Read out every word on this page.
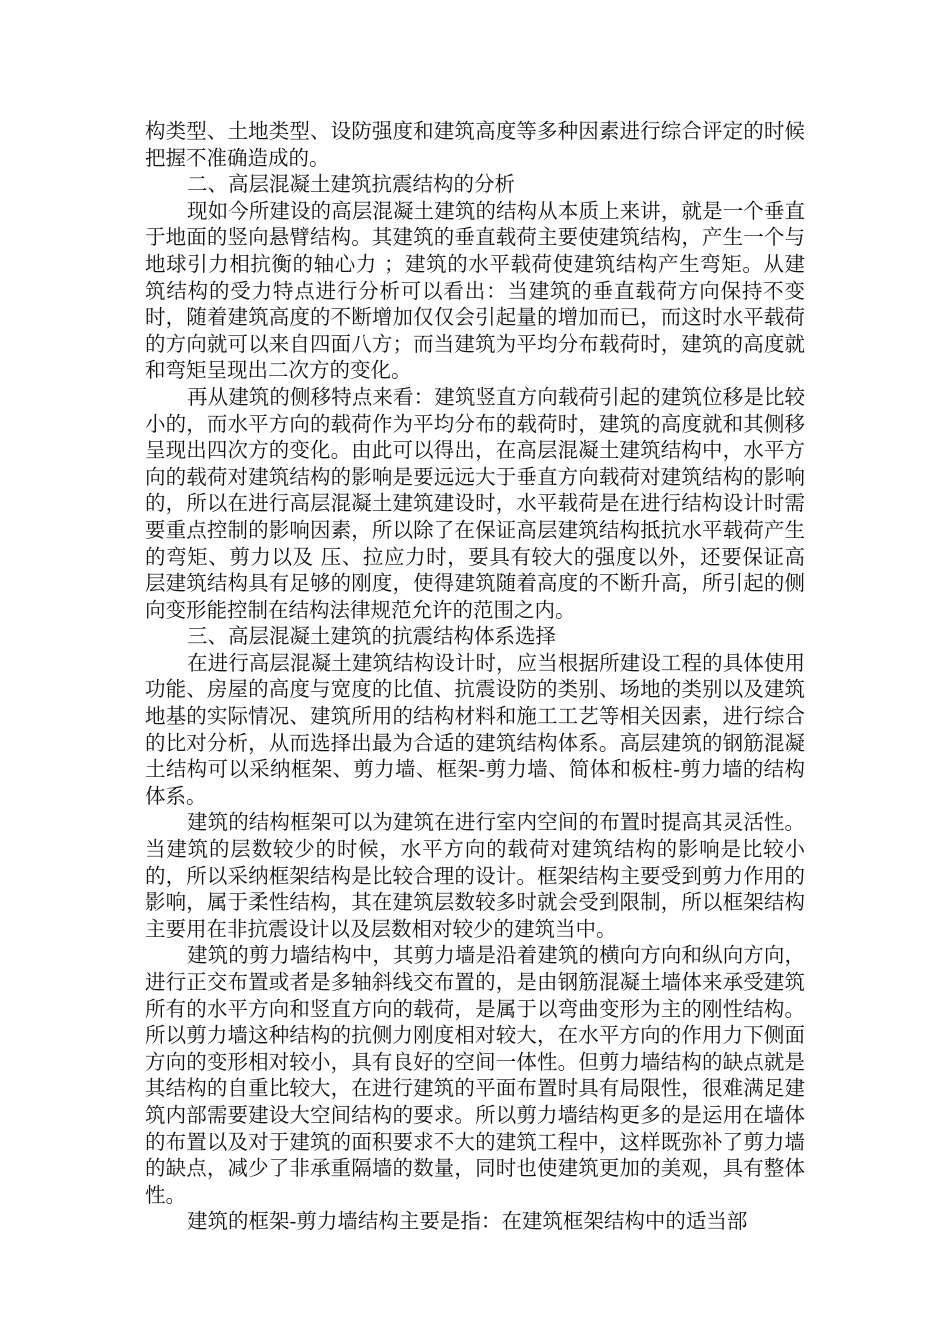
构类型、土地类型、设防强度和建筑高度等多种因素进行综合评定的时候把握不准确造成的。

二、高层混凝土建筑抗震结构的分析

现如今所建设的高层混凝土建筑的结构从本质上来讲，就是一个垂直于地面的竖向悬臂结构。其建筑的垂直载荷主要使建筑结构，产生一个与地球引力相抗衡的轴心力 ；建筑的水平载荷使建筑结构产生弯矩。从建筑结构的受力特点进行分析可以看出：当建筑的垂直载荷方向保持不变时，随着建筑高度的不断增加仅仅会引起量的增加而已，而这时水平载荷的方向就可以来自四面八方；而当建筑为平均分布载荷时，建筑的高度就和弯矩呈现出二次方的变化。

再从建筑的侧移特点来看：建筑竖直方向载荷引起的建筑位移是比较小的，而水平方向的载荷作为平均分布的载荷时，建筑的高度就和其侧移呈现出四次方的变化。由此可以得出，在高层混凝土建筑结构中，水平方向的载荷对建筑结构的影响是要远远大于垂直方向载荷对建筑结构的影响的，所以在进行高层混凝土建筑建设时，水平载荷是在进行结构设计时需要重点控制的影响因素，所以除了在保证高层建筑结构抵抗水平载荷产生的弯矩、剪力以及 压、拉应力时，要具有较大的强度以外，还要保证高层建筑结构具有足够的刚度，使得建筑随着高度的不断升高，所引起的侧向变形能控制在结构法律规范允许的范围之内。

三、高层混凝土建筑的抗震结构体系选择

在进行高层混凝土建筑结构设计时，应当根据所建设工程的具体使用功能、房屋的高度与宽度的比值、抗震设防的类别、场地的类别以及建筑地基的实际情况、建筑所用的结构材料和施工工艺等相关因素，进行综合的比对分析，从而选择出最为合适的建筑结构体系。高层建筑的钢筋混凝土结构可以采纳框架、剪力墙、框架-剪力墙、简体和板柱-剪力墙的结构体系。

建筑的结构框架可以为建筑在进行室内空间的布置时提高其灵活性。当建筑的层数较少的时候，水平方向的载荷对建筑结构的影响是比较小的，所以采纳框架结构是比较合理的设计。框架结构主要受到剪力作用的影响，属于柔性结构，其在建筑层数较多时就会受到限制，所以框架结构主要用在非抗震设计以及层数相对较少的建筑当中。

建筑的剪力墙结构中，其剪力墙是沿着建筑的横向方向和纵向方向，进行正交布置或者是多轴斜线交布置的，是由钢筋混凝土墙体来承受建筑所有的水平方向和竖直方向的载荷，是属于以弯曲变形为主的刚性结构。所以剪力墙这种结构的抗侧力刚度相对较大，在水平方向的作用力下侧面方向的变形相对较小，具有良好的空间一体性。但剪力墙结构的缺点就是其结构的自重比较大，在进行建筑的平面布置时具有局限性，很难满足建筑内部需要建设大空间结构的要求。所以剪力墙结构更多的是运用在墙体的布置以及对于建筑的面积要求不大的建筑工程中，这样既弥补了剪力墙的缺点，减少了非承重隔墙的数量，同时也使建筑更加的美观，具有整体性。

建筑的框架-剪力墙结构主要是指：在建筑框架结构中的适当部
